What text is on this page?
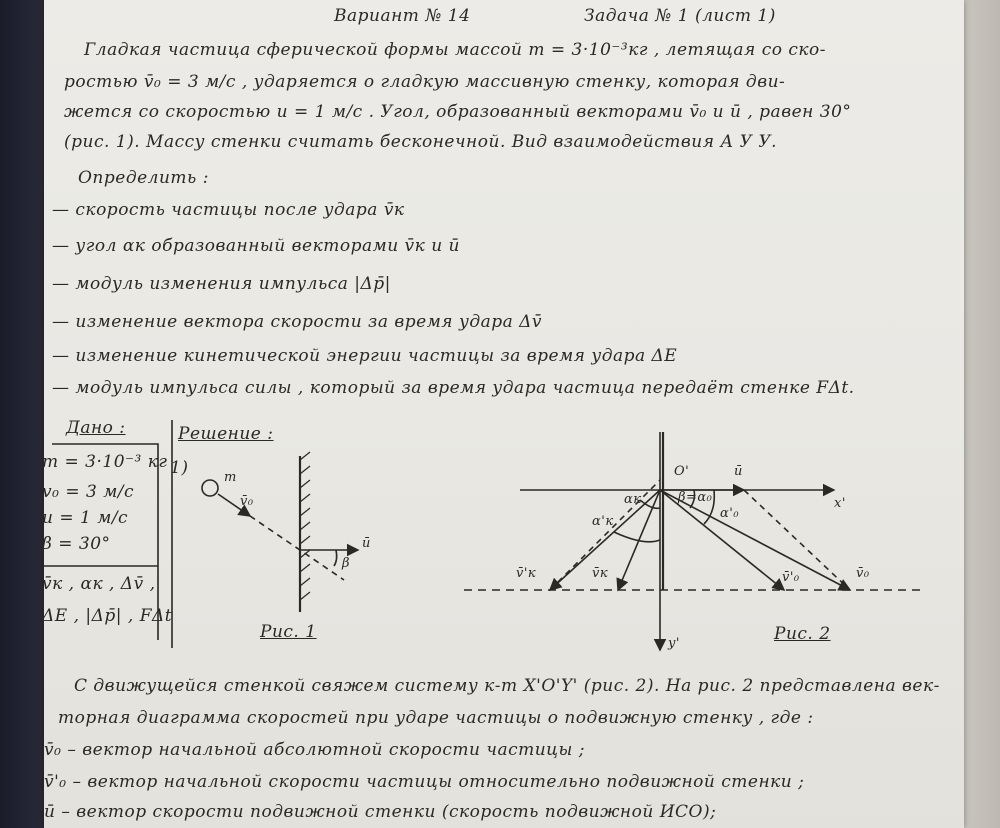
Вариант № 14	Задача № 1 (лист 1)
Гладкая частица сферической формы массой m = 3·10⁻³кг , летящая со ско-
ростью v̄₀ = 3 м/с , ударяется о гладкую массивную стенку, которая дви-
жется со скоростью u = 1 м/с . Угол, образованный векторами v̄₀ и ū , равен 30°
(рис. 1). Массу стенки считать бесконечной. Вид взаимодействия А У У.
Определить :
— скорость частицы после удара v̄к
— угол αк образованный векторами v̄к и ū
— модуль изменения импульса |Δp̄|
— изменение вектора скорости за время удара Δv̄
— изменение кинетической энергии частицы за время удара ΔE
— модуль импульса силы , который за время удара частица передаёт стенке FΔt.
Дано :
m = 3·10⁻³ кг
v₀ = 3 м/с
u = 1 м/с
β = 30°
v̄к , αк , Δv̄ ,
ΔE , |Δp̄| , FΔt
Решение :
1)	m
v̄₀
ū
β
Рис. 1
O'	ū
x'
y'
αк
α'к
β=α₀
α'₀
v̄'к	v̄к	v̄'₀	v̄₀
Рис. 2
С движущейся стенкой свяжем систему к-т X'O'Y' (рис. 2). На рис. 2 представлена век-
торная диаграмма скоростей при ударе частицы о подвижную стенку , где :
v̄₀ – вектор начальной абсолютной скорости частицы ;
v̄'₀ – вектор начальной скорости частицы относительно подвижной стенки ;
ū – вектор скорости подвижной стенки (скорость подвижной ИСО);
